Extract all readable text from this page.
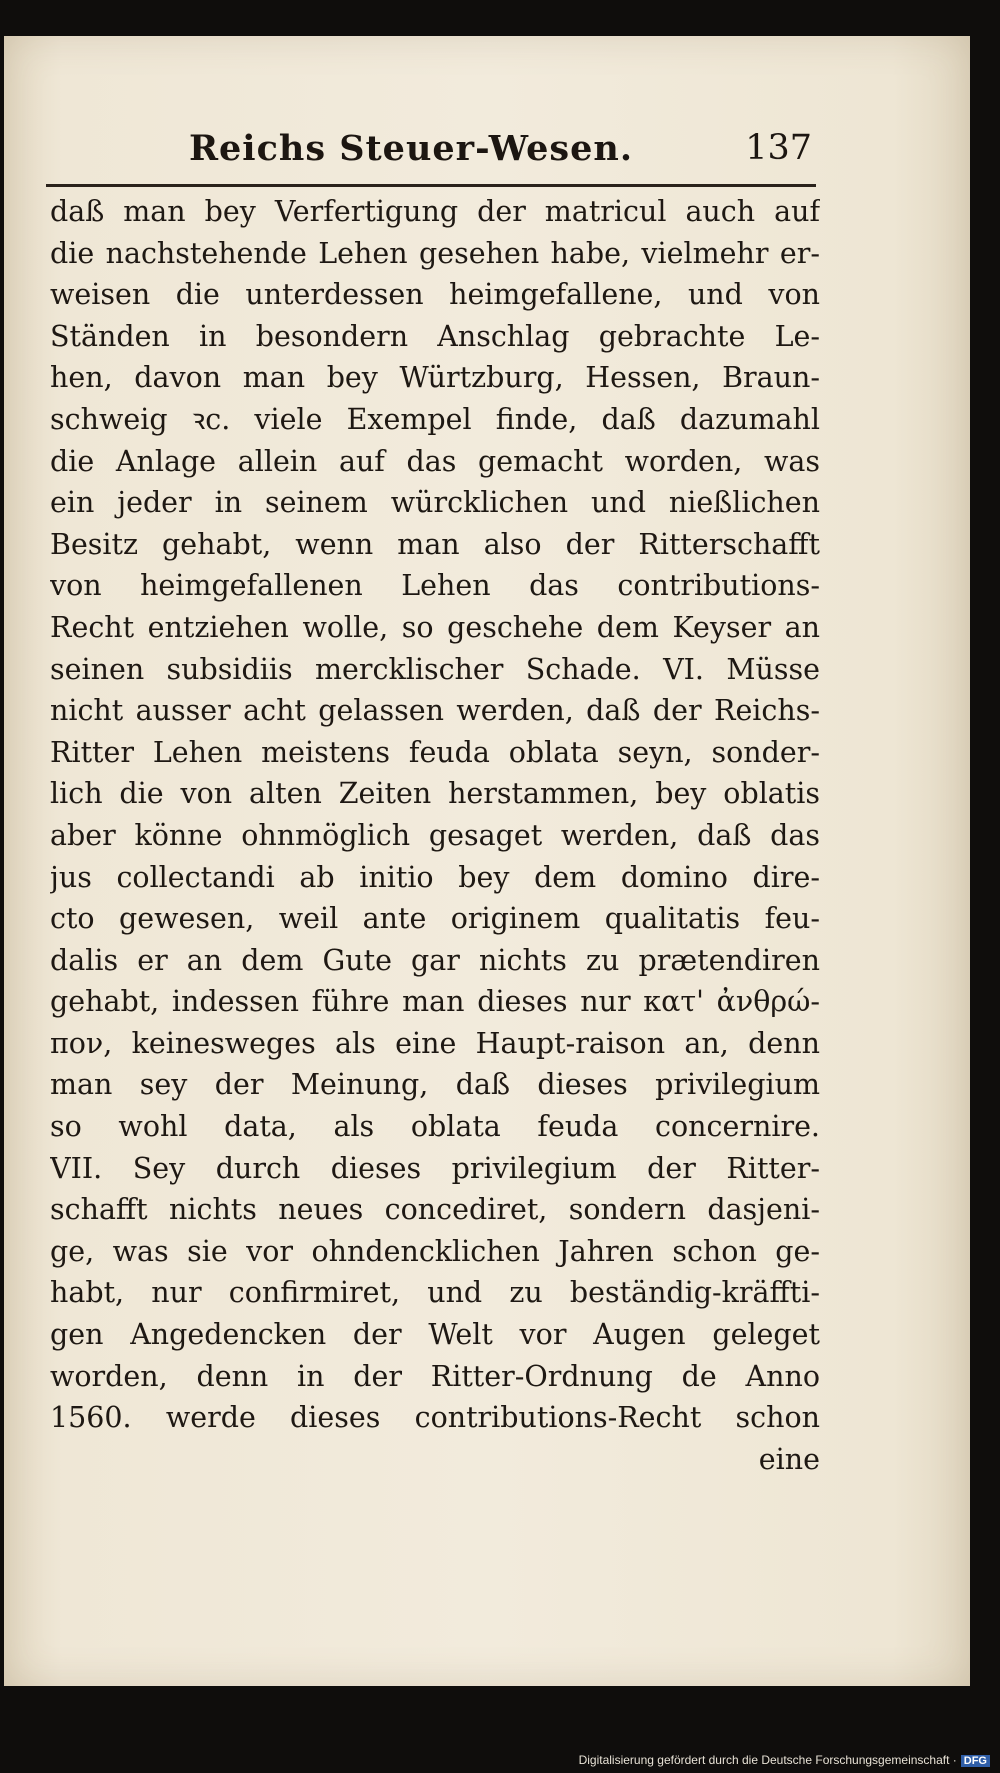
Reichs Steuer-Wesen.	137
daß man bey Verfertigung der matricul auch auf
die nachstehende Lehen gesehen habe, vielmehr er-
weisen die unterdessen heimgefallene, und von
Ständen in besondern Anschlag gebrachte Le-
hen, davon man bey Würtzburg, Hessen, Braun-
schweig ꝛc. viele Exempel finde, daß dazumahl
die Anlage allein auf das gemacht worden, was
ein jeder in seinem würcklichen und nießlichen
Besitz gehabt, wenn man also der Ritterschafft
von heimgefallenen Lehen das contributions-
Recht entziehen wolle, so geschehe dem Keyser an
seinen subsidiis mercklischer Schade. VI. Müsse
nicht ausser acht gelassen werden, daß der Reichs-
Ritter Lehen meistens feuda oblata seyn, sonder-
lich die von alten Zeiten herstammen, bey oblatis
aber könne ohnmöglich gesaget werden, daß das
jus collectandi ab initio bey dem domino dire-
cto gewesen, weil ante originem qualitatis feu-
dalis er an dem Gute gar nichts zu prætendiren
gehabt, indessen führe man dieses nur κατ' ἀνθρώ-
πον, keinesweges als eine Haupt-raison an, denn
man sey der Meinung, daß dieses privilegium
so wohl data, als oblata feuda concernire.
VII. Sey durch dieses privilegium der Ritter-
schafft nichts neues concediret, sondern dasjeni-
ge, was sie vor ohndencklichen Jahren schon ge-
habt, nur confirmiret, und zu beständig-kräffti-
gen Angedencken der Welt vor Augen geleget
worden, denn in der Ritter-Ordnung de Anno
1560. werde dieses contributions-Recht schon
eine
Digitalisierung gefördert durch die Deutsche Forschungsgemeinschaft · DFG
